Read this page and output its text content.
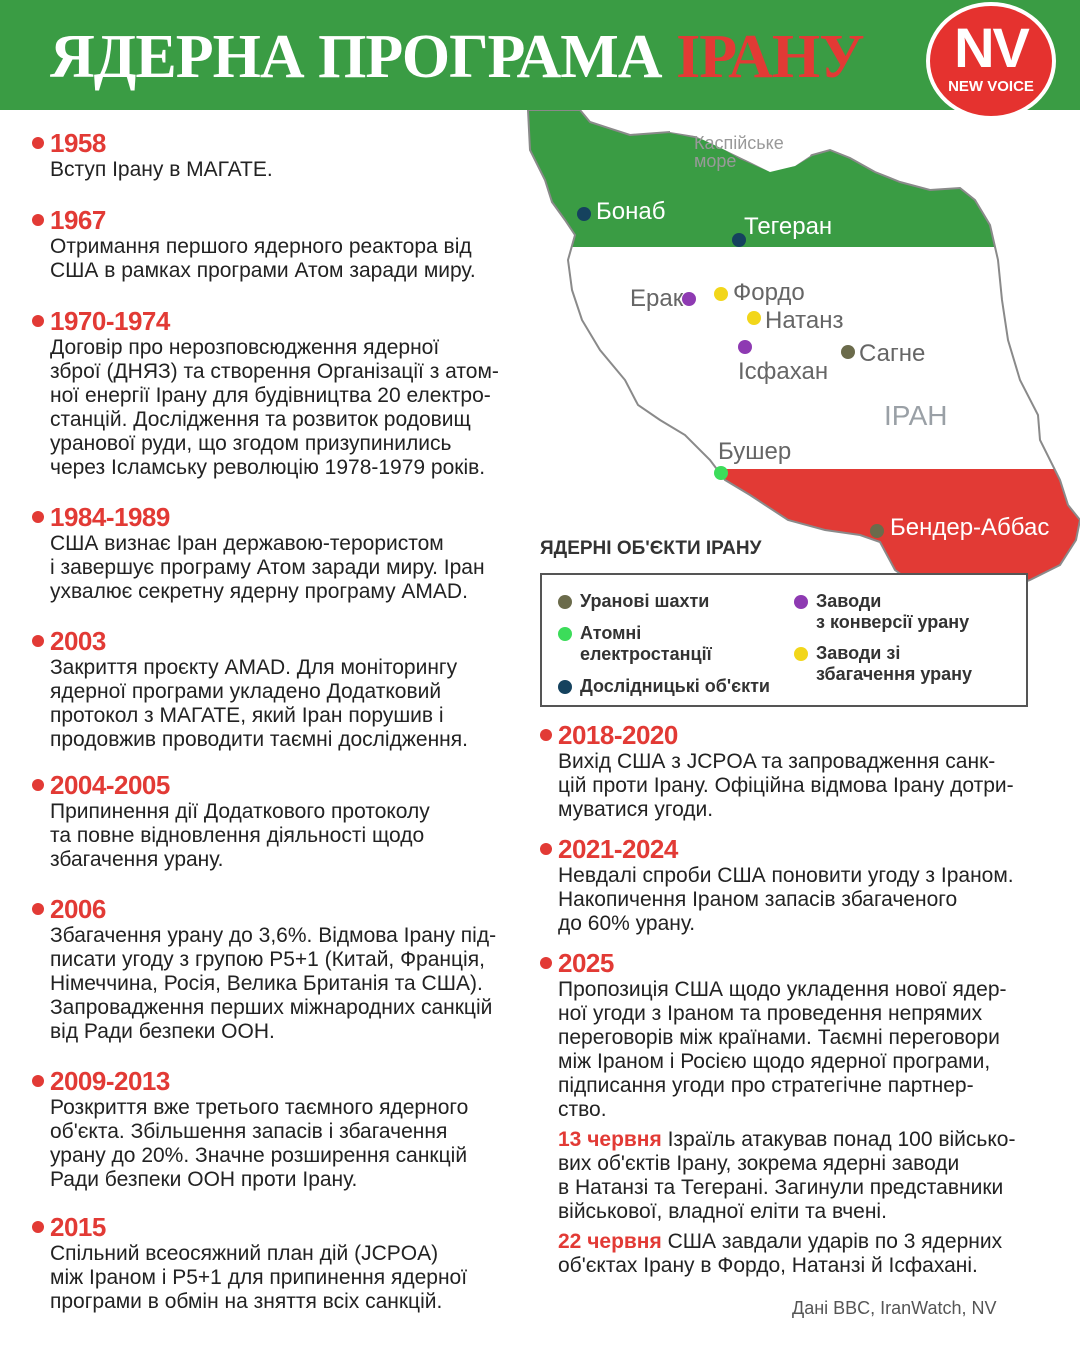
ЯДЕРНА ПРОГРАМА ІРАНУ	NV
NEW VOICE
1958
Вступ Ірану в МАГАТЕ.
1967
Отримання першого ядерного реактора від
США в рамках програми Атом заради миру.
1970-1974
Договір про нерозповсюдження ядерної
зброї (ДНЯЗ) та створення Організації з атом-
ної енергії Ірану для будівництва 20 електро-
станцій. Дослідження та розвиток родовищ
уранової руди, що згодом призупинились
через Ісламську революцію 1978-1979 років.
1984-1989
США визнає Іран державою-терористом
і завершує програму Атом заради миру. Іран
ухвалює секретну ядерну програму AMAD.
2003
Закриття проєкту AMAD. Для моніторингу
ядерної програми укладено Додатковий
протокол з МАГАТЕ, який Іран порушив і
продовжив проводити таємні дослідження.
2004-2005
Припинення дії Додаткового протоколу
та повне відновлення діяльності щодо
збагачення урану.
2006
Збагачення урану до 3,6%. Відмова Ірану під-
писати угоду з групою P5+1 (Китай, Франція,
Німеччина, Росія, Велика Британія та США).
Запровадження перших міжнародних санкцій
від Ради безпеки ООН.
2009-2013
Розкриття вже третього таємного ядерного
об'єкта. Збільшення запасів і збагачення
урану до 20%. Значне розширення санкцій
Ради безпеки ООН проти Ірану.
2015
Спільний всеосяжний план дій (JCPOA)
між Іраном і P5+1 для припинення ядерної
програми в обмін на зняття всіх санкцій.
Каспійське
море
ІРАН
Бонаб
Тегеран
Ерак Фордо
Натанз
Ісфахан
Сагне
Бушер
Бендер-Аббас
ЯДЕРНІ ОБ'ЄКТИ ІРАНУ
Уранові шахти
Атомні
електростанції
Дослідницькі об'єкти
Заводи
з конверсії урану
Заводи зі
збагачення урану
2018-2020
Вихід США з JCPOA та запровадження санк-
цій проти Ірану. Офіційна відмова Ірану дотри-
муватися угоди.
2021-2024
Невдалі спроби США поновити угоду з Іраном.
Накопичення Іраном запасів збагаченого
до 60% урану.
2025
Пропозиція США щодо укладення нової ядер-
ної угоди з Іраном та проведення непрямих
переговорів між країнами. Таємні переговори
між Іраном і Росією щодо ядерної програми,
підписання угоди про стратегічне партнер-
ство.
13 червня Ізраїль атакував понад 100 військо-
вих об'єктів Ірану, зокрема ядерні заводи
в Натанзі та Тегерані. Загинули представники
військової, владної еліти та вчені.
22 червня США завдали ударів по 3 ядерних
об'єктах Ірану в Фордо, Натанзі й Ісфахані.
Дані BBC, IranWatch, NV
